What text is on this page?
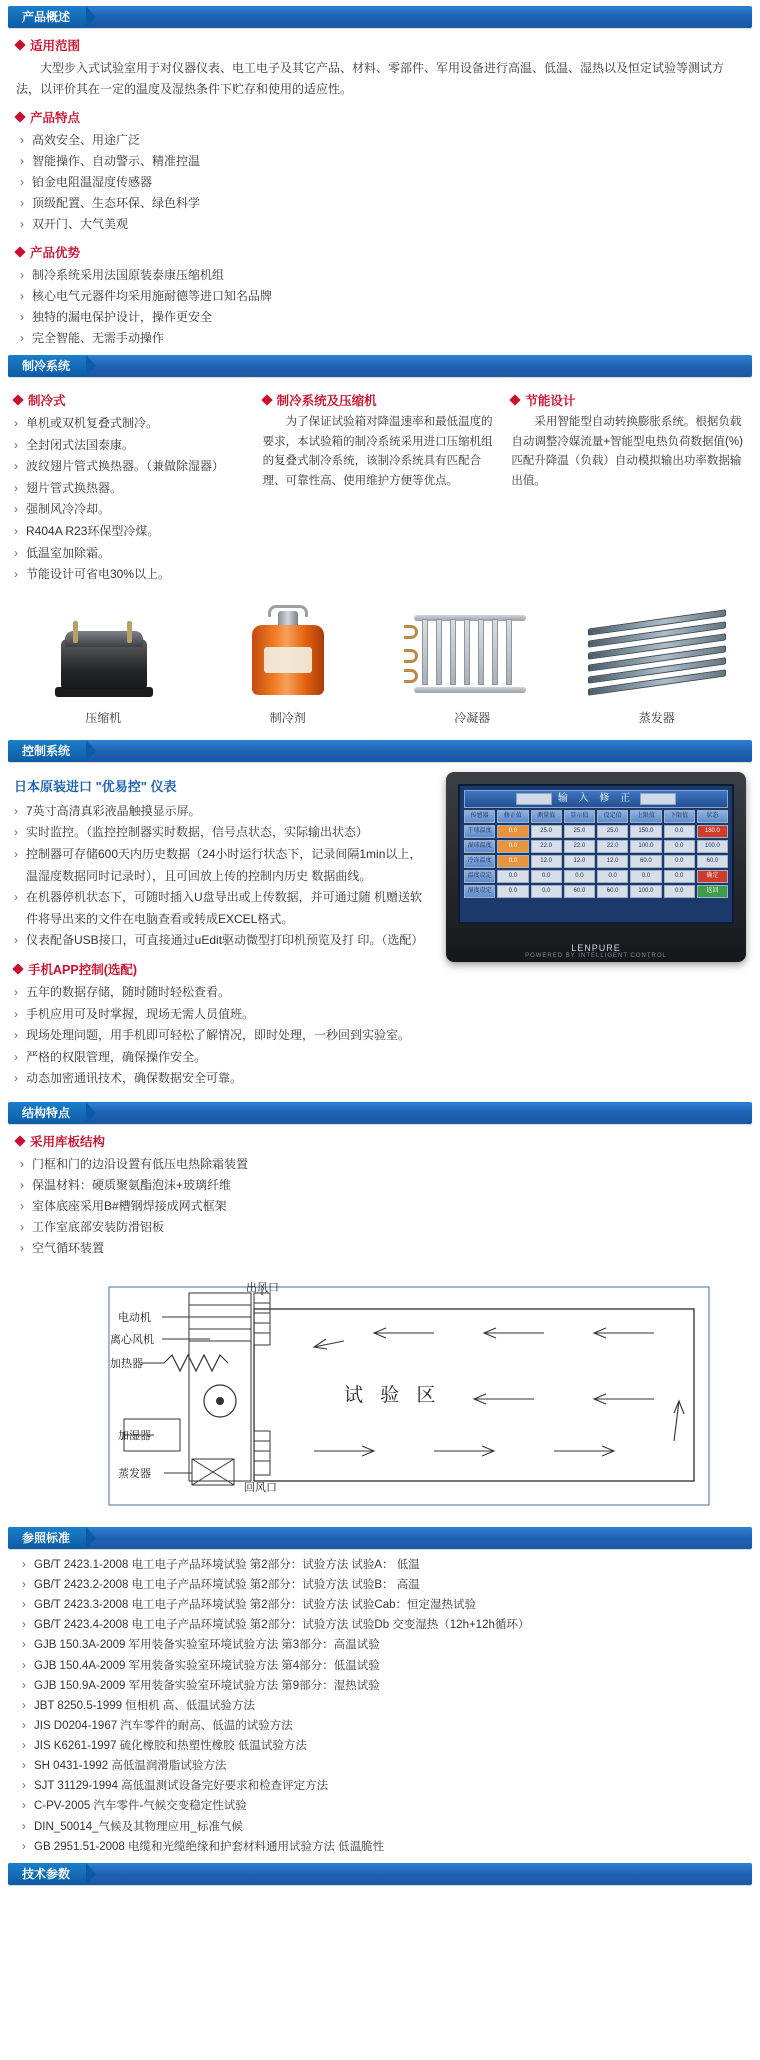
产品概述
适用范围

大型步入式试验室用于对仪器仪表、电工电子及其它产品、材料、零部件、军用设备进行高温、低温、湿热以及恒定试验等测试方法，以评价其在一定的温度及湿热条件下贮存和使用的适应性。

产品特点
› 高效安全、用途广泛
› 智能操作、自动警示、精准控温
› 铂金电阻温湿度传感器
› 顶级配置、生态环保、绿色科学
› 双开门、大气美观
产品优势
› 制冷系统采用法国原装泰康压缩机组
› 核心电气元器件均采用施耐德等进口知名品牌
› 独特的漏电保护设计，操作更安全
› 完全智能、无需手动操作
制冷系统
制冷式
› 单机或双机复叠式制冷。
› 全封闭式法国泰康。
› 波纹翅片管式换热器。（兼做除湿器）
› 翅片管式换热器。
› 强制风冷冷却。
› R404A R23环保型冷煤。
› 低温室加除霜。
› 节能设计可省电30%以上。
制冷系统及压缩机
为了保证试验箱对降温速率和最低温度的要求，本试验箱的制冷系统采用进口压缩机组的复叠式制冷系统，该制冷系统具有匹配合理、可靠性高、使用维护方便等优点。
节能设计
采用智能型自动转换膨胀系统。根据负载自动调整冷媒流量+智能型电热负荷数据值(%)匹配升降温（负载）自动模拟输出功率数据输出值。
压缩机	制冷剂	冷凝器	蒸发器
控制系统
日本原装进口 "优易控" 仪表
› 7英寸高清真彩液晶触摸显示屏。
› 实时监控。（监控控制器实时数据，信号点状态，实际输出状态）
› 控制器可存储600天内历史数据（24小时运行状态下，记录间隔1min以上，温湿度数据同时记录时），且可回放上传的控制内历史 数据曲线。
› 在机器停机状态下，可随时插入U盘导出或上传数据，并可通过随 机赠送软件将导出来的文件在电脑查看或转成EXCEL格式。
› 仪表配备USB接口，可直接通过uEdit驱动微型打印机预览及打 印。（选配）
手机APP控制(选配)
› 五年的数据存储，随时随时轻松查看。
› 手机应用可及时掌握，现场无需人员值班。
› 现场处理问题，用手机即可轻松了解情况，即时处理，一秒回到实验室。
› 严格的权限管理，确保操作安全。
› 动态加密通讯技术，确保数据安全可靠。
输 入 修 正
传感器	修正值	测量值	显示值	设定值	上限值	下限值	状态
干球温度	0.0	25.0	25.0	25.0	150.0	0.0	180.0
湿球温度	0.0	22.0	22.0	22.0	100.0	0.0	100.0
冷冻温度	0.0	12.0	12.0	12.0	60.0	0.0	60.0
温度设定	0.0	0.0	0.0	0.0	0.0	0.0	确定
湿度设定	0.0	0.0	60.0	60.0	100.0	0.0	返回
LENPURE
POWERED BY INTELLIGENT CONTROL
结构特点
采用库板结构
› 门框和门的边沿设置有低压电热除霜装置
› 保温材料：硬质聚氨酯泡沫+玻璃纤维
› 室体底座采用B#槽钢焊接成网式框架
› 工作室底部安装防滑铝板
› 空气循环装置
电动机
离心风机
加热器
加湿器
蒸发器
出风口
回风口
试 验 区
参照标准
› GB/T 2423.1-2008 电工电子产品环境试验 第2部分：试验方法 试验A： 低温
› GB/T 2423.2-2008 电工电子产品环境试验 第2部分：试验方法 试验B： 高温
› GB/T 2423.3-2008 电工电子产品环境试验 第2部分：试验方法 试验Cab：恒定湿热试验
› GB/T 2423.4-2008 电工电子产品环境试验 第2部分：试验方法 试验Db 交变湿热（12h+12h循环）
› GJB 150.3A-2009 军用装备实验室环境试验方法 第3部分：高温试验
› GJB 150.4A-2009 军用装备实验室环境试验方法 第4部分：低温试验
› GJB 150.9A-2009 军用装备实验室环境试验方法 第9部分：湿热试验
› JBT 8250.5-1999 恒相机 高、低温试验方法
› JIS D0204-1967 汽车零件的耐高、低温的试验方法
› JIS K6261-1997 硫化橡胶和热塑性橡胶 低温试验方法
› SH 0431-1992 高低温润滑脂试验方法
› SJT 31129-1994 高低温测试设备完好要求和检查评定方法
› C-PV-2005 汽车零件-气候交变稳定性试验
› DIN_50014_气候及其物理应用_标准气候
› GB 2951.51-2008 电缆和光缆绝缘和护套材料通用试验方法 低温脆性
技术参数
